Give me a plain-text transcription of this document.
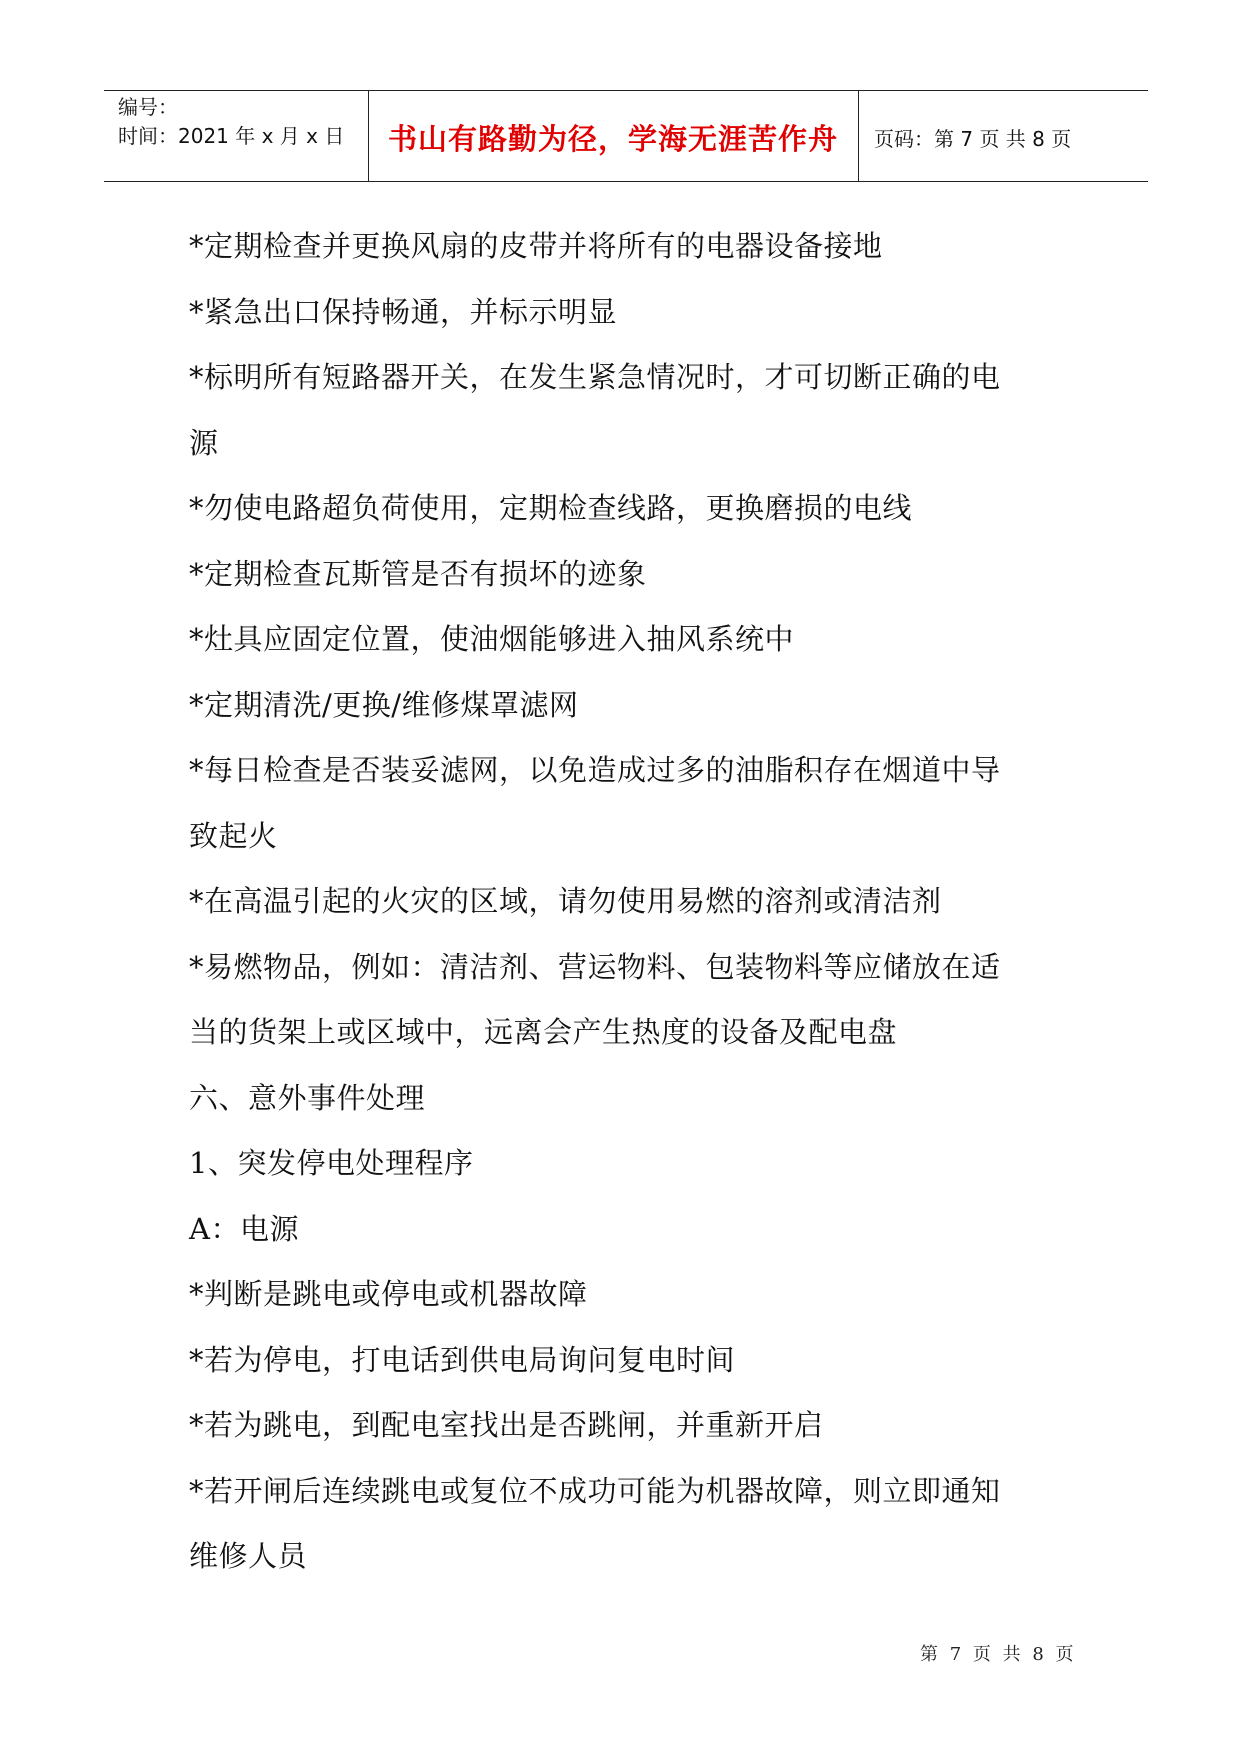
编号：
时间：2021 年 x 月 x 日	书山有路勤为径，学海无涯苦作舟	页码：第 7 页 共 8 页

*定期检查并更换风扇的皮带并将所有的电器设备接地

*紧急出口保持畅通，并标示明显

*标明所有短路器开关，在发生紧急情况时，才可切断正确的电

源

*勿使电路超负荷使用，定期检查线路，更换磨损的电线

*定期检查瓦斯管是否有损坏的迹象

*灶具应固定位置，使油烟能够进入抽风系统中

*定期清洗/更换/维修煤罩滤网

*每日检查是否装妥滤网，以免造成过多的油脂积存在烟道中导

致起火

*在高温引起的火灾的区域，请勿使用易燃的溶剂或清洁剂

*易燃物品，例如：清洁剂、营运物料、包装物料等应储放在适

当的货架上或区域中，远离会产生热度的设备及配电盘

六、意外事件处理

1、突发停电处理程序

A：电源

*判断是跳电或停电或机器故障

*若为停电，打电话到供电局询问复电时间

*若为跳电，到配电室找出是否跳闸，并重新开启

*若开闸后连续跳电或复位不成功可能为机器故障，则立即通知

维修人员

第 7 页 共 8 页
